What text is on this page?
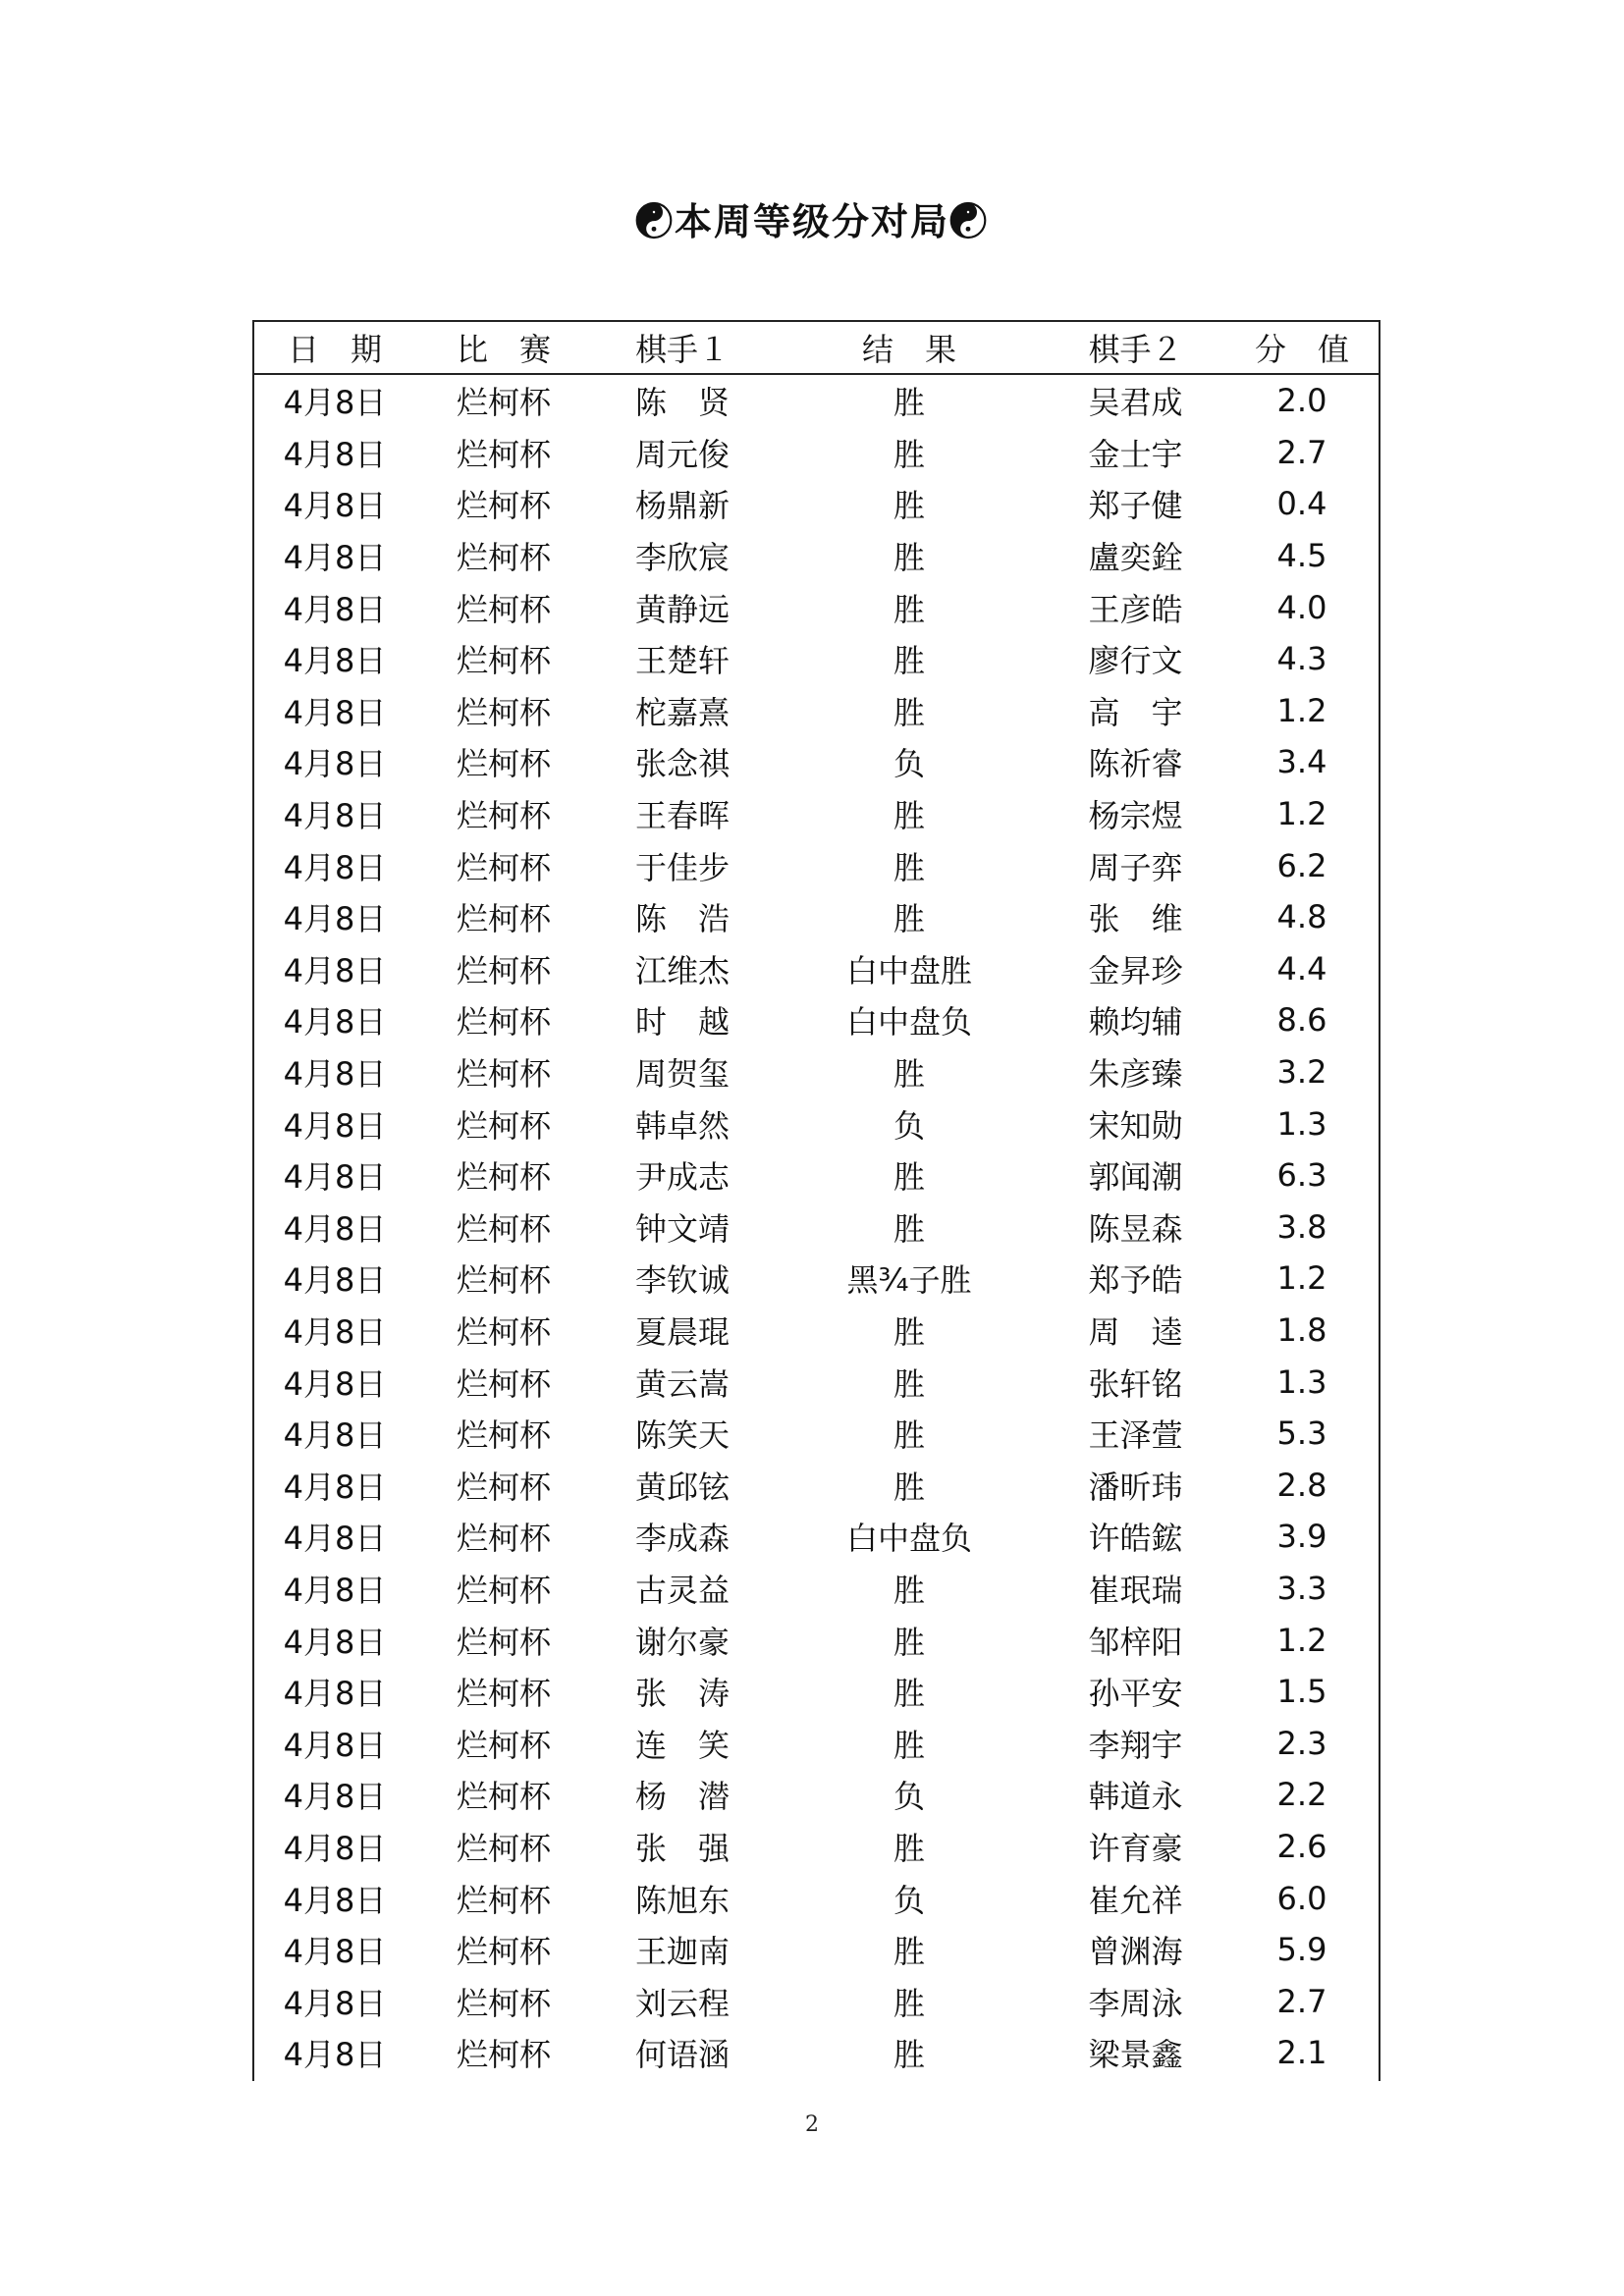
☯本周等级分对局☯
日　期	比　赛	棋手１	结　果	棋手２	分　值
4月8日	烂柯杯	陈　贤	胜	吴君成	2.0
4月8日	烂柯杯	周元俊	胜	金士宇	2.7
4月8日	烂柯杯	杨鼎新	胜	郑子健	0.4
4月8日	烂柯杯	李欣宸	胜	盧奕銓	4.5
4月8日	烂柯杯	黄静远	胜	王彦皓	4.0
4月8日	烂柯杯	王楚轩	胜	廖行文	4.3
4月8日	烂柯杯	柁嘉熹	胜	高　宇	1.2
4月8日	烂柯杯	张念祺	负	陈祈睿	3.4
4月8日	烂柯杯	王春晖	胜	杨宗煜	1.2
4月8日	烂柯杯	于佳步	胜	周子弈	6.2
4月8日	烂柯杯	陈　浩	胜	张　维	4.8
4月8日	烂柯杯	江维杰	白中盘胜	金昇珍	4.4
4月8日	烂柯杯	时　越	白中盘负	赖均辅	8.6
4月8日	烂柯杯	周贺玺	胜	朱彦臻	3.2
4月8日	烂柯杯	韩卓然	负	宋知勋	1.3
4月8日	烂柯杯	尹成志	胜	郭闻潮	6.3
4月8日	烂柯杯	钟文靖	胜	陈昱森	3.8
4月8日	烂柯杯	李钦诚	黑¾子胜	郑予皓	1.2
4月8日	烂柯杯	夏晨琨	胜	周　逵	1.8
4月8日	烂柯杯	黄云嵩	胜	张轩铭	1.3
4月8日	烂柯杯	陈笑天	胜	王泽萱	5.3
4月8日	烂柯杯	黄邱铉	胜	潘昕玮	2.8
4月8日	烂柯杯	李成森	白中盘负	许皓鋐	3.9
4月8日	烂柯杯	古灵益	胜	崔珉瑞	3.3
4月8日	烂柯杯	谢尔豪	胜	邹梓阳	1.2
4月8日	烂柯杯	张　涛	胜	孙平安	1.5
4月8日	烂柯杯	连　笑	胜	李翔宇	2.3
4月8日	烂柯杯	杨　潜	负	韩道永	2.2
4月8日	烂柯杯	张　强	胜	许育豪	2.6
4月8日	烂柯杯	陈旭东	负	崔允祥	6.0
4月8日	烂柯杯	王迦南	胜	曾渊海	5.9
4月8日	烂柯杯	刘云程	胜	李周泳	2.7
4月8日	烂柯杯	何语涵	胜	梁景鑫	2.1
2
